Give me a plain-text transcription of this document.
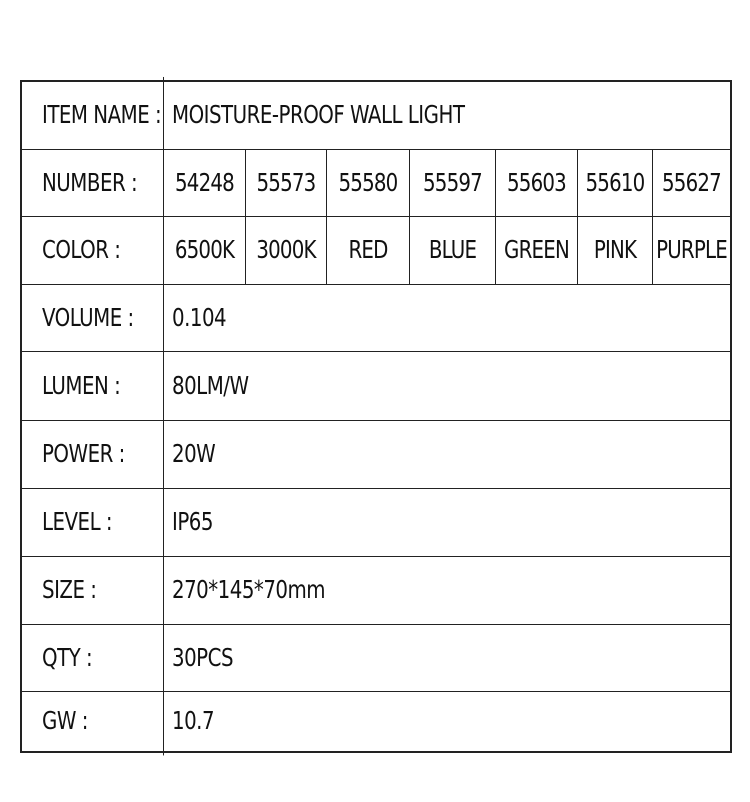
ITEM NAME : MOISTURE-PROOF WALL LIGHT
NUMBER :	54248 55573 55580 55597 55603 55610 55627
COLOR :	6500K 3000K RED BLUE GREEN PINK PURPLE
VOLUME :	0.104
LUMEN :	80LM/W
POWER :	20W
LEVEL :	IP65
SIZE :	270*145*70mm
QTY :	30PCS
GW :	10.7
